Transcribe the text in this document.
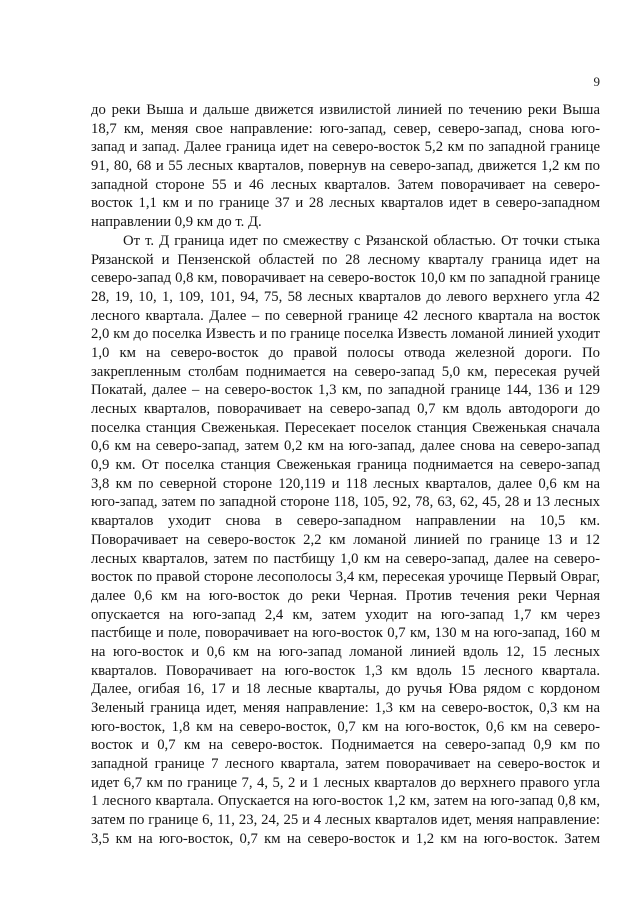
9
до реки Выша и дальше движется извилистой линией по течению реки Выша
18,7 км, меняя свое направление: юго-запад, север, северо-запад, снова юго-
запад и запад. Далее граница идет на северо-восток 5,2 км по западной границе
91, 80, 68 и 55 лесных кварталов, повернув на северо-запад, движется 1,2 км по
западной стороне 55 и 46 лесных кварталов. Затем поворачивает на северо-
восток 1,1 км и по границе 37 и 28 лесных кварталов идет в северо-западном
направлении 0,9 км до т. Д.
От т. Д граница идет по смежеству с Рязанской областью. От точки стыка
Рязанской и Пензенской областей по 28 лесному кварталу граница идет на
северо-запад 0,8 км, поворачивает на северо-восток 10,0 км по западной границе
28, 19, 10, 1, 109, 101, 94, 75, 58 лесных кварталов до левого верхнего угла 42
лесного квартала. Далее – по северной границе 42 лесного квартала на восток
2,0 км до поселка Известь и по границе поселка Известь ломаной линией уходит
1,0 км на северо-восток до правой полосы отвода железной дороги. По
закрепленным столбам поднимается на северо-запад 5,0 км, пересекая ручей
Покатай, далее – на северо-восток 1,3 км, по западной границе 144, 136 и 129
лесных кварталов, поворачивает на северо-запад 0,7 км вдоль автодороги до
поселка станция Свеженькая. Пересекает поселок станция Свеженькая сначала
0,6 км на северо-запад, затем 0,2 км на юго-запад, далее снова на северо-запад
0,9 км. От поселка станция Свеженькая граница поднимается на северо-запад
3,8 км по северной стороне 120,119 и 118 лесных кварталов, далее 0,6 км на
юго-запад, затем по западной стороне 118, 105, 92, 78, 63, 62, 45, 28 и 13 лесных
кварталов уходит снова в северо-западном направлении на 10,5 км.
Поворачивает на северо-восток 2,2 км ломаной линией по границе 13 и 12
лесных кварталов, затем по пастбищу 1,0 км на северо-запад, далее на северо-
восток по правой стороне лесополосы 3,4 км, пересекая урочище Первый Овраг,
далее 0,6 км на юго-восток до реки Черная. Против течения реки Черная
опускается на юго-запад 2,4 км, затем уходит на юго-запад 1,7 км через
пастбище и поле, поворачивает на юго-восток 0,7 км, 130 м на юго-запад, 160 м
на юго-восток и 0,6 км на юго-запад ломаной линией вдоль 12, 15 лесных
кварталов. Поворачивает на юго-восток 1,3 км вдоль 15 лесного квартала.
Далее, огибая 16, 17 и 18 лесные кварталы, до ручья Юва рядом с кордоном
Зеленый граница идет, меняя направление: 1,3 км на северо-восток, 0,3 км на
юго-восток, 1,8 км на северо-восток, 0,7 км на юго-восток, 0,6 км на северо-
восток и 0,7 км на северо-восток. Поднимается на северо-запад 0,9 км по
западной границе 7 лесного квартала, затем поворачивает на северо-восток и
идет 6,7 км по границе 7, 4, 5, 2 и 1 лесных кварталов до верхнего правого угла
1 лесного квартала. Опускается на юго-восток 1,2 км, затем на юго-запад 0,8 км,
затем по границе 6, 11, 23, 24, 25 и 4 лесных кварталов идет, меняя направление:
3,5 км на юго-восток, 0,7 км на северо-восток и 1,2 км на юго-восток. Затем
